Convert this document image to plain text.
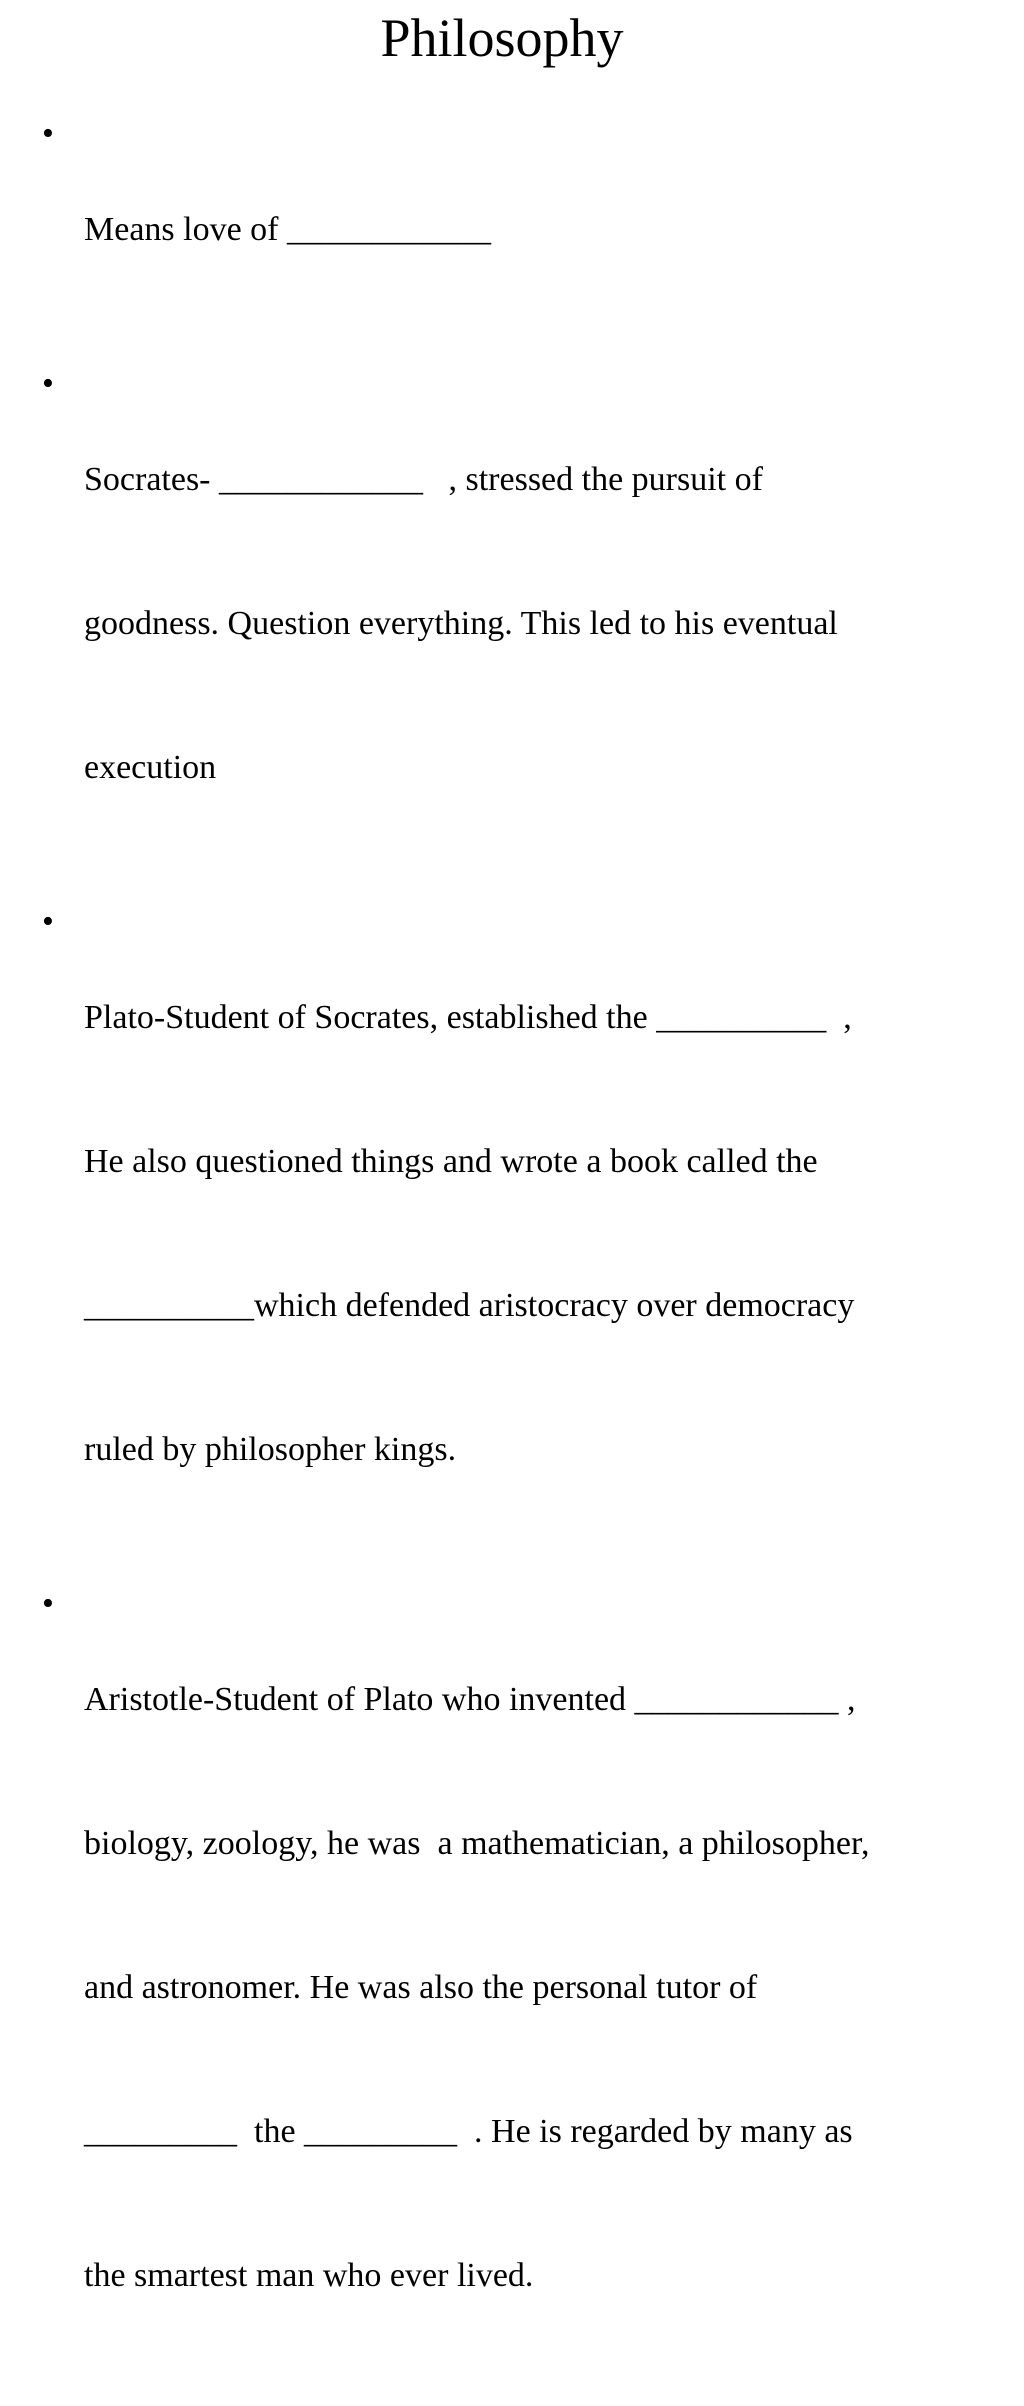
Philosophy
•

Means love of ____________

•

Socrates- ____________   , stressed the pursuit of

goodness. Question everything. This led to his eventual

execution

•

Plato-Student of Socrates, established the __________  ,

He also questioned things and wrote a book called the

__________which defended aristocracy over democracy

ruled by philosopher kings.

•

Aristotle-Student of Plato who invented ____________ ,

biology, zoology, he was  a mathematician, a philosopher,

and astronomer. He was also the personal tutor of

_________  the _________  . He is regarded by many as

the smartest man who ever lived.
